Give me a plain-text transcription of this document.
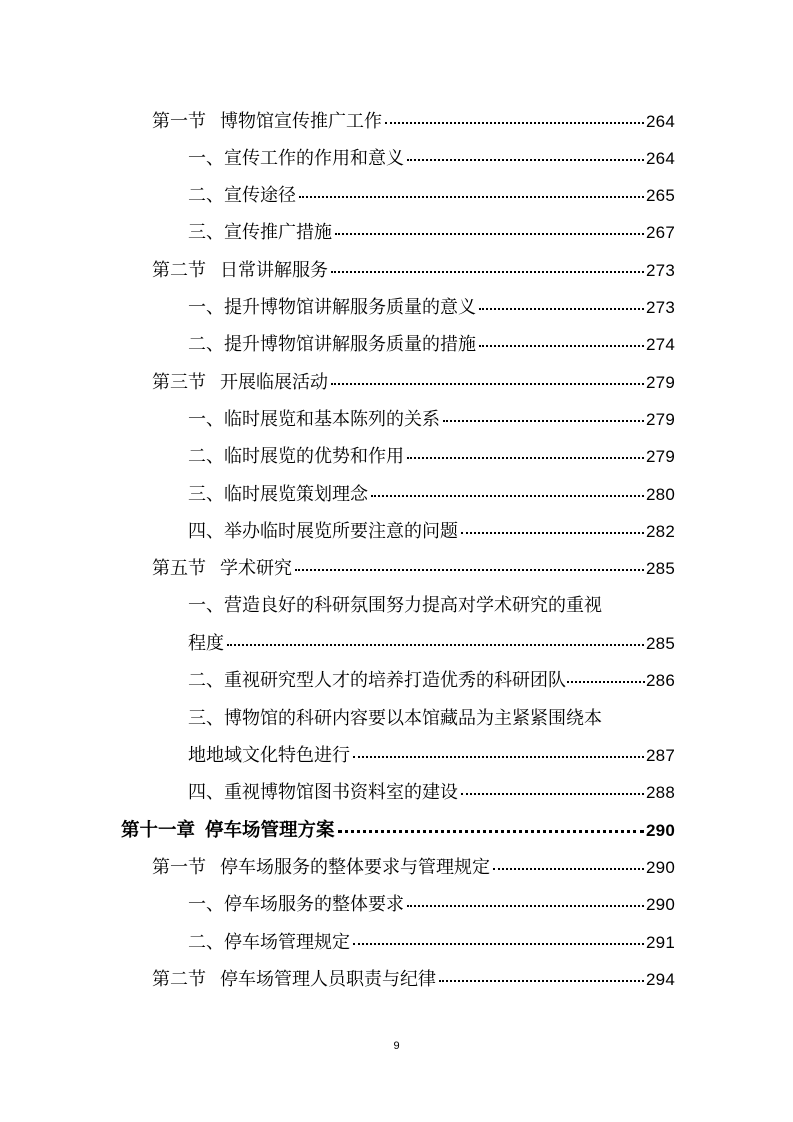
第一节 博物馆宣传推广工作	264
一、宣传工作的作用和意义	264
二、宣传途径	265
三、宣传推广措施	267
第二节 日常讲解服务	273
一、提升博物馆讲解服务质量的意义	273
二、提升博物馆讲解服务质量的措施	274
第三节 开展临展活动	279
一、临时展览和基本陈列的关系	279
二、临时展览的优势和作用	279
三、临时展览策划理念	280
四、举办临时展览所要注意的问题	282
第五节 学术研究	285
一、营造良好的科研氛围努力提高对学术研究的重视
程度	285
二、重视研究型人才的培养打造优秀的科研团队	286
三、博物馆的科研内容要以本馆藏品为主紧紧围绕本
地地域文化特色进行	287
四、重视博物馆图书资料室的建设	288
第十一章 停车场管理方案	290
第一节 停车场服务的整体要求与管理规定	290
一、停车场服务的整体要求	290
二、停车场管理规定	291
第二节 停车场管理人员职责与纪律	294
9
